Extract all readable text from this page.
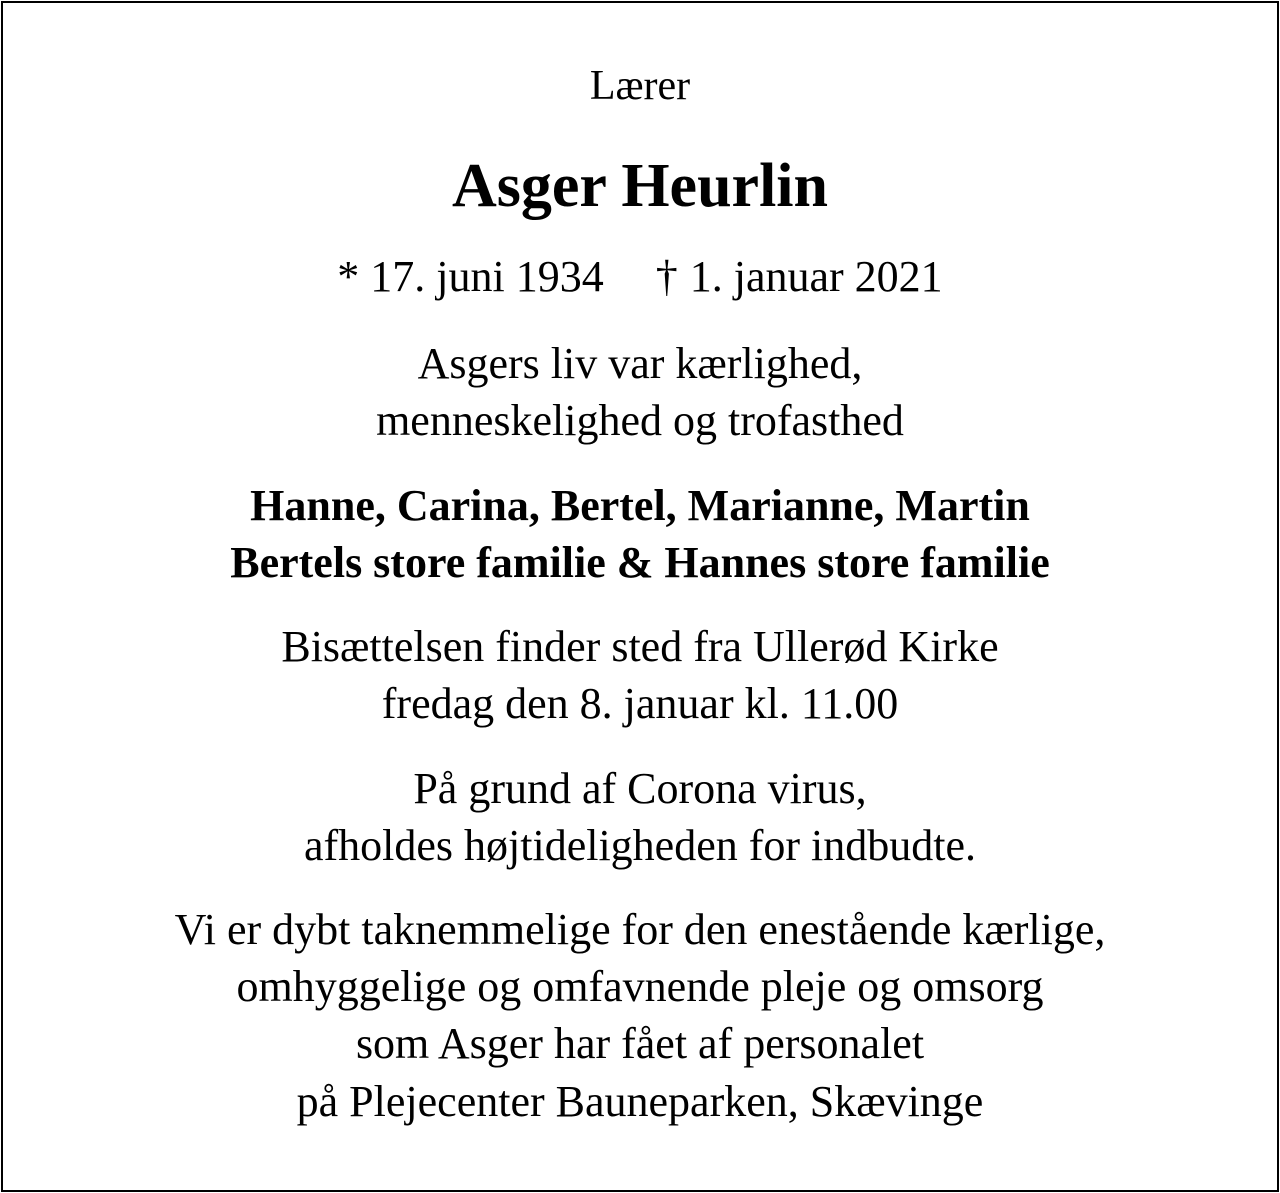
Lærer
Asger Heurlin
* 17. juni 1934 † 1. januar 2021
Asgers liv var kærlighed,
menneskelighed og trofasthed
Hanne, Carina, Bertel, Marianne, Martin
Bertels store familie & Hannes store familie
Bisættelsen finder sted fra Ullerød Kirke
fredag den 8. januar kl. 11.00
På grund af Corona virus,
afholdes højtideligheden for indbudte.
Vi er dybt taknemmelige for den enestående kærlige,
omhyggelige og omfavnende pleje og omsorg
som Asger har fået af personalet
på Plejecenter Bauneparken, Skævinge
